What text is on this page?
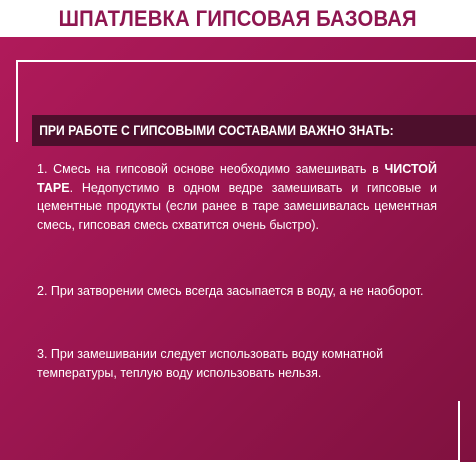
ШПАТЛЕВКА ГИПСОВАЯ БАЗОВАЯ
ПРИ РАБОТЕ С ГИПСОВЫМИ СОСТАВАМИ ВАЖНО ЗНАТЬ:

1. Смесь на гипсовой основе необходимо замешивать в ЧИСТОЙ ТАРЕ. Недопустимо в одном ведре замешивать и гипсовые и цементные продукты (если ранее в таре замешивалась цементная смесь, гипсовая смесь схватится очень быстро).

2. При затворении смесь всегда засыпается в воду, а не наоборот.

3. При замешивании следует использовать воду комнатной температуры, теплую воду использовать нельзя.
